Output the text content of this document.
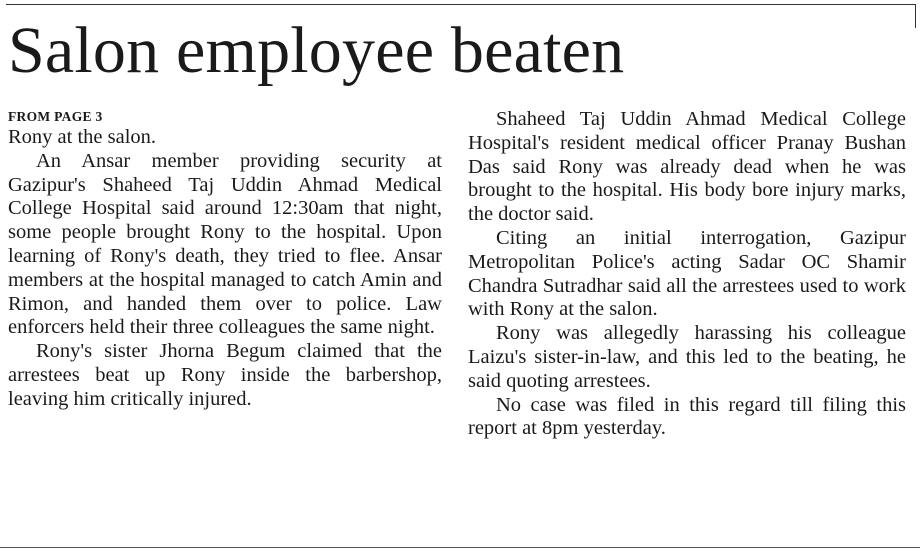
Salon employee beaten
FROM PAGE 3

Rony at the salon.

An Ansar member providing security at Gazipur's Shaheed Taj Uddin Ahmad Medical College Hospital said around 12:30am that night, some people brought Rony to the hospital. Upon learning of Rony's death, they tried to flee. Ansar members at the hospital managed to catch Amin and Rimon, and handed them over to police. Law enforcers held their three colleagues the same night.

Rony's sister Jhorna Begum claimed that the arrestees beat up Rony inside the barbershop, leaving him critically injured.

Shaheed Taj Uddin Ahmad Medical College Hospital's resident medical officer Pranay Bushan Das said Rony was already dead when he was brought to the hospital. His body bore injury marks, the doctor said.

Citing an initial interrogation, Gazipur Metropolitan Police's acting Sadar OC Shamir Chandra Sutradhar said all the arrestees used to work with Rony at the salon.

Rony was allegedly harassing his colleague Laizu's sister-in-law, and this led to the beating, he said quoting arrestees.

No case was filed in this regard till filing this report at 8pm yesterday.
